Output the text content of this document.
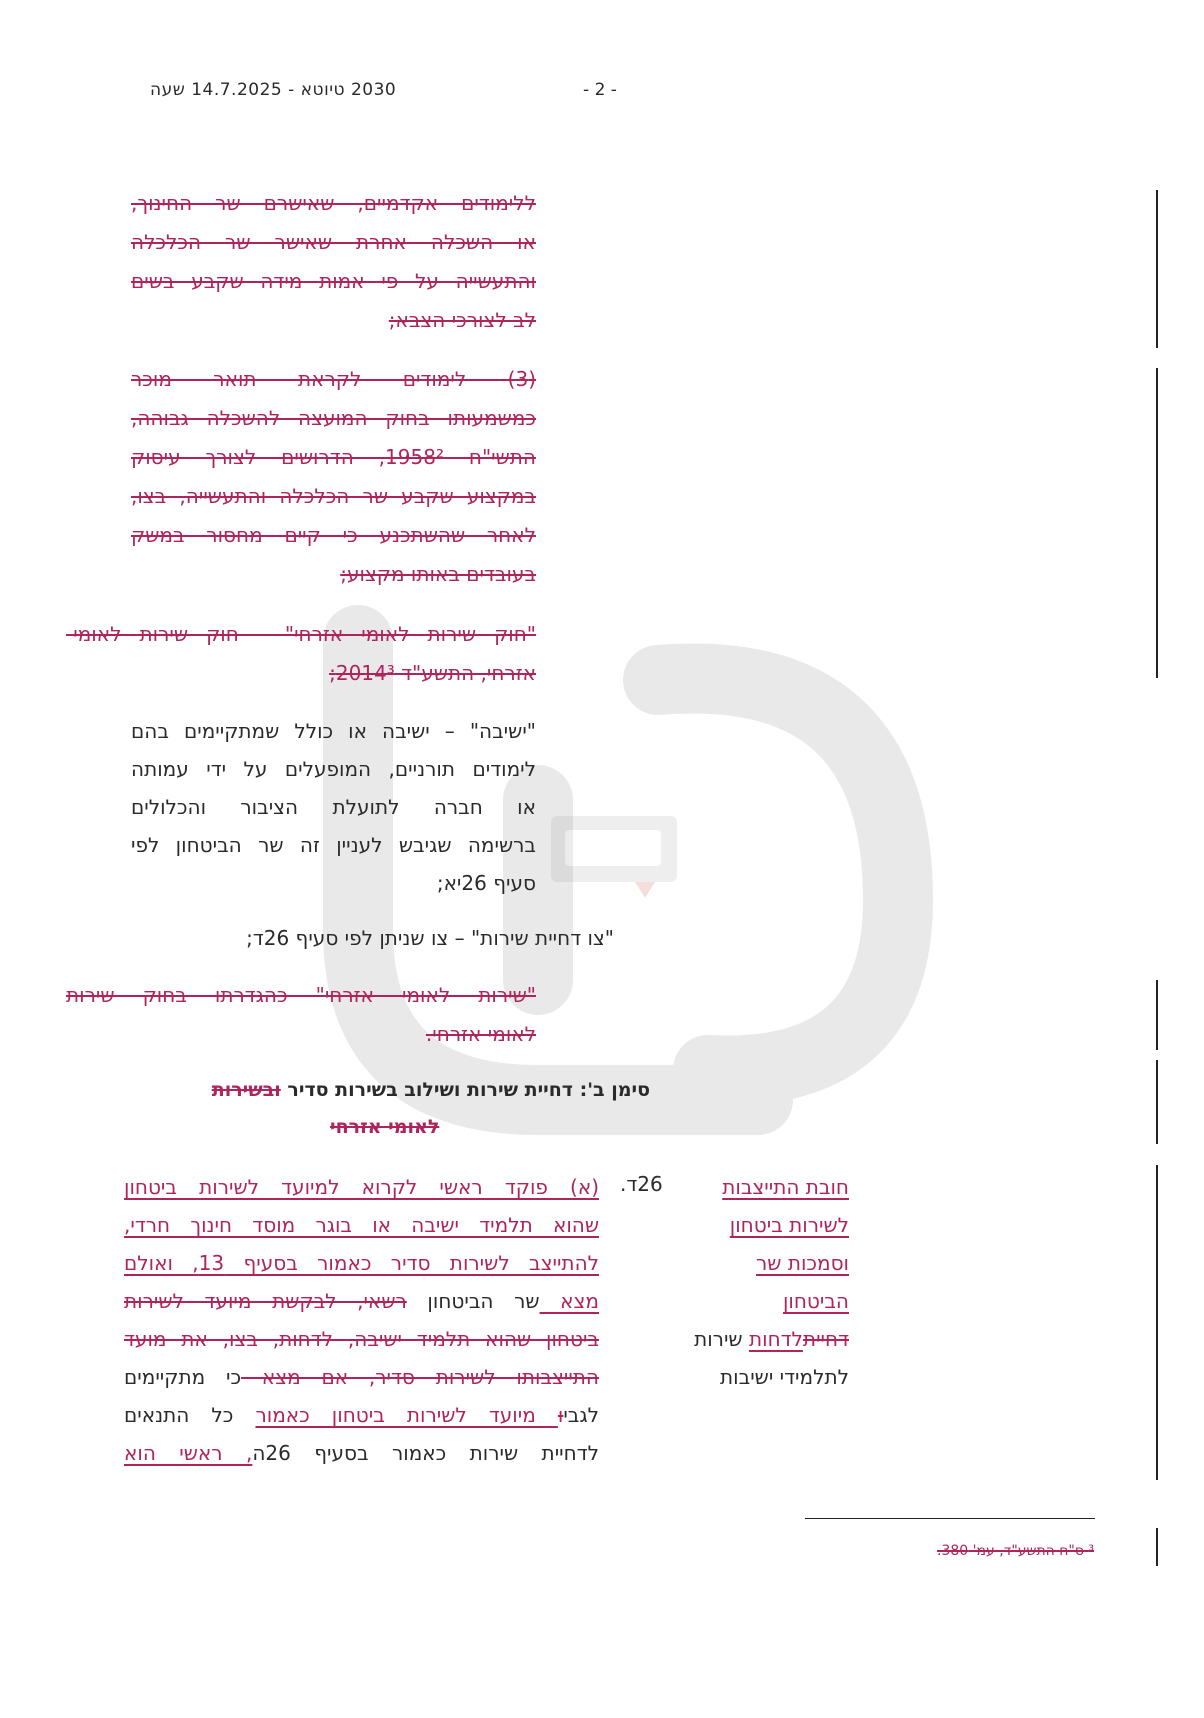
2030 טיוטא - 14.7.2025 שעה	- 2 -
ללימודים אקדמיים, שאישרם שר החינוך,
או השכלה אחרת שאישר שר הכלכלה
והתעשייה על פי אמות מידה שקבע בשים
לב לצורכי הצבא;
(3) לימודים לקראת תואר מוכר
כמשמעותו בחוק המועצה להשכלה גבוהה,
התשי"ח 1958², הדרושים לצורך עיסוק
במקצוע שקבע שר הכלכלה והתעשייה, בצו,
לאחר שהשתכנע כי קיים מחסור במשק
בעובדים באותו מקצוע;
"חוק שירות לאומי אזרחי" – חוק שירות לאומי-
אזרחי, התשע"ד 2014³;
"ישיבה" – ישיבה או כולל שמתקיימים בהם
לימודים תורניים, המופעלים על ידי עמותה
או חברה לתועלת הציבור והכלולים
ברשימה שגיבש לעניין זה שר הביטחון לפי
סעיף 26יא;
"צו דחיית שירות" – צו שניתן לפי סעיף 26ד;
"שירות לאומי אזרחי" כהגדרתו בחוק שירות
לאומי אזרחי.
סימן ב': דחיית שירות ושילוב בשירות סדיר ובשירות
לאומי אזרחי
26ד.	חובת התייצבות
לשירות ביטחון
וסמכות שר
הביטחון
דחייתלדחות שירות
לתלמידי ישיבות
(א) פוקד ראשי לקרוא למיועד לשירות ביטחון
שהוא תלמיד ישיבה או בוגר מוסד חינוך חרדי,
להתייצב לשירות סדיר כאמור בסעיף 13, ואולם
מצא שר הביטחון רשאי, לבקשת מיועד לשירות
ביטחון שהוא תלמיד ישיבה, לדחות, בצו, את מועד
התייצבותו לשירות סדיר, אם מצא כי מתקיימים
לגביו מיועד לשירות ביטחון כאמור כל התנאים
לדחיית שירות כאמור בסעיף 26ה, ראשי הוא
³ ס"ח התשע"ד, עמ' 380.
